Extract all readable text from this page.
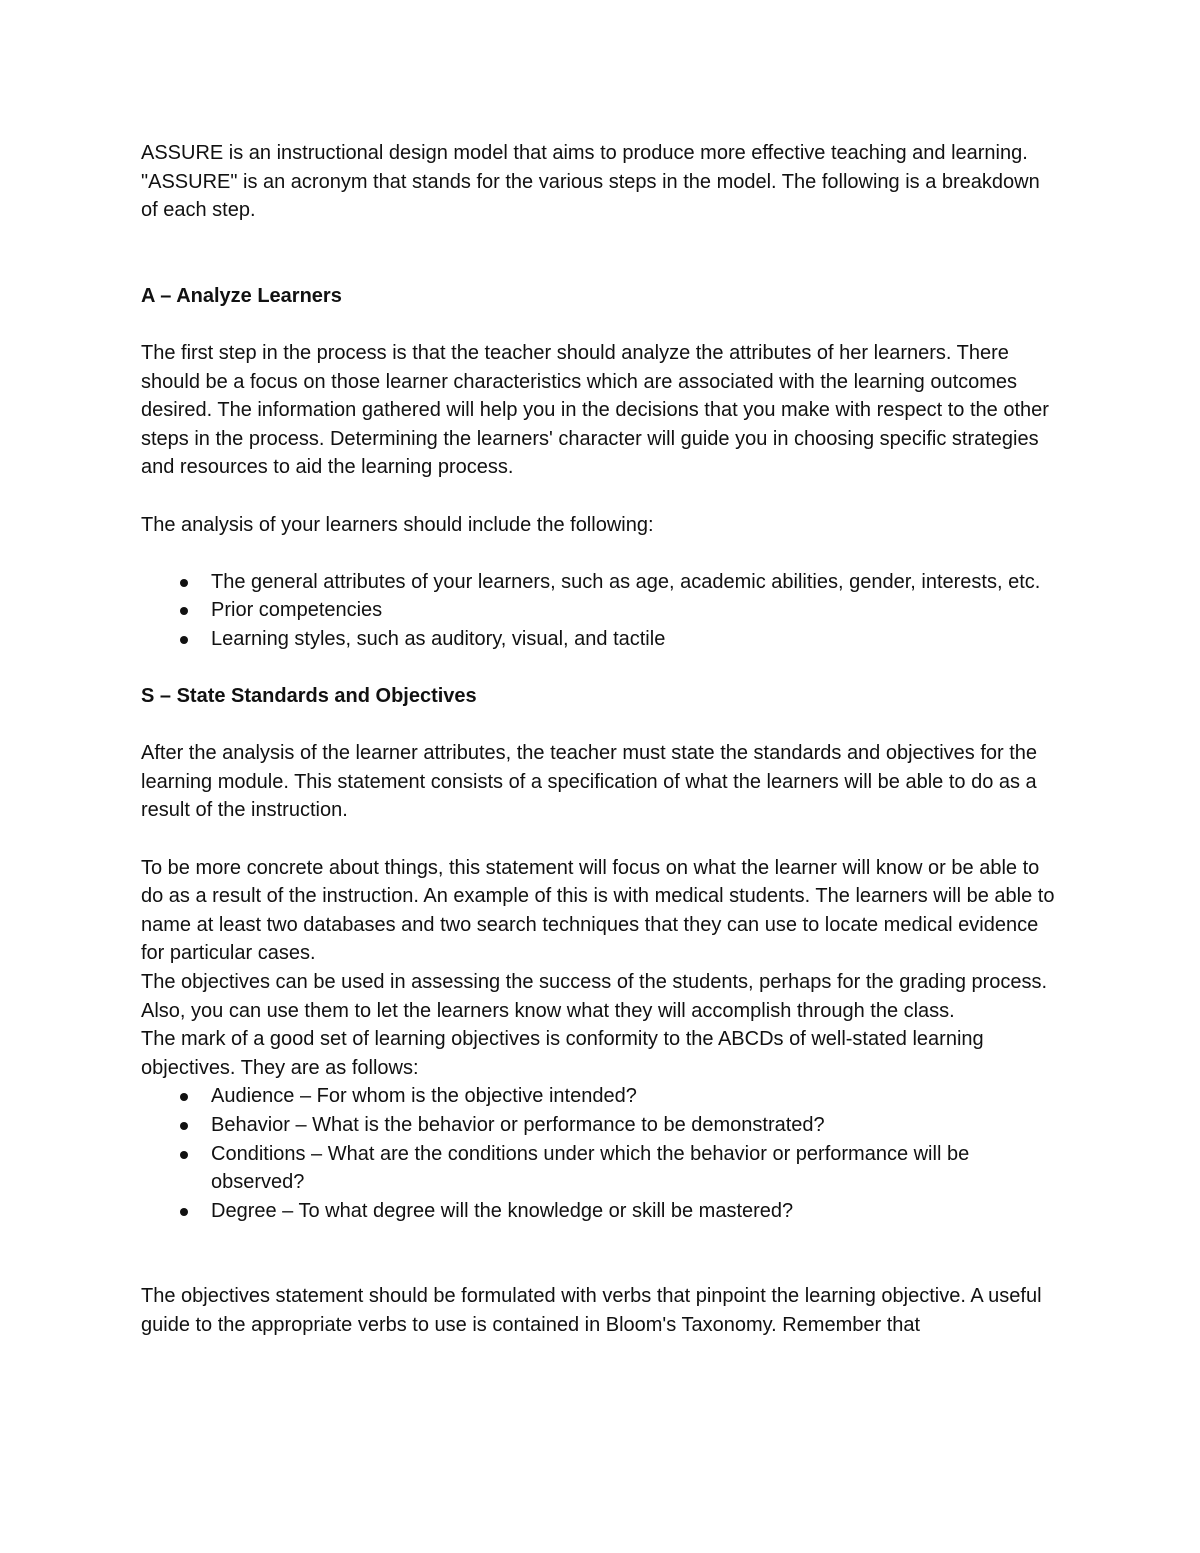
ASSURE is an instructional design model that aims to produce more effective teaching and learning. "ASSURE" is an acronym that stands for the various steps in the model. The following is a breakdown of each step.

A – Analyze Learners

The first step in the process is that the teacher should analyze the attributes of her learners. There should be a focus on those learner characteristics which are associated with the learning outcomes desired. The information gathered will help you in the decisions that you make with respect to the other steps in the process. Determining the learners' character will guide you in choosing specific strategies and resources to aid the learning process.

The analysis of your learners should include the following:

The general attributes of your learners, such as age, academic abilities, gender, interests, etc.
Prior competencies
Learning styles, such as auditory, visual, and tactile
S – State Standards and Objectives

After the analysis of the learner attributes, the teacher must state the standards and objectives for the learning module. This statement consists of a specification of what the learners will be able to do as a result of the instruction.

To be more concrete about things, this statement will focus on what the learner will know or be able to do as a result of the instruction. An example of this is with medical students. The learners will be able to name at least two databases and two search techniques that they can use to locate medical evidence for particular cases.

The objectives can be used in assessing the success of the students, perhaps for the grading process. Also, you can use them to let the learners know what they will accomplish through the class.

The mark of a good set of learning objectives is conformity to the ABCDs of well-stated learning objectives. They are as follows:

Audience – For whom is the objective intended?
Behavior – What is the behavior or performance to be demonstrated?
Conditions – What are the conditions under which the behavior or performance will be observed?
Degree – To what degree will the knowledge or skill be mastered?

The objectives statement should be formulated with verbs that pinpoint the learning objective. A useful guide to the appropriate verbs to use is contained in Bloom's Taxonomy. Remember that
